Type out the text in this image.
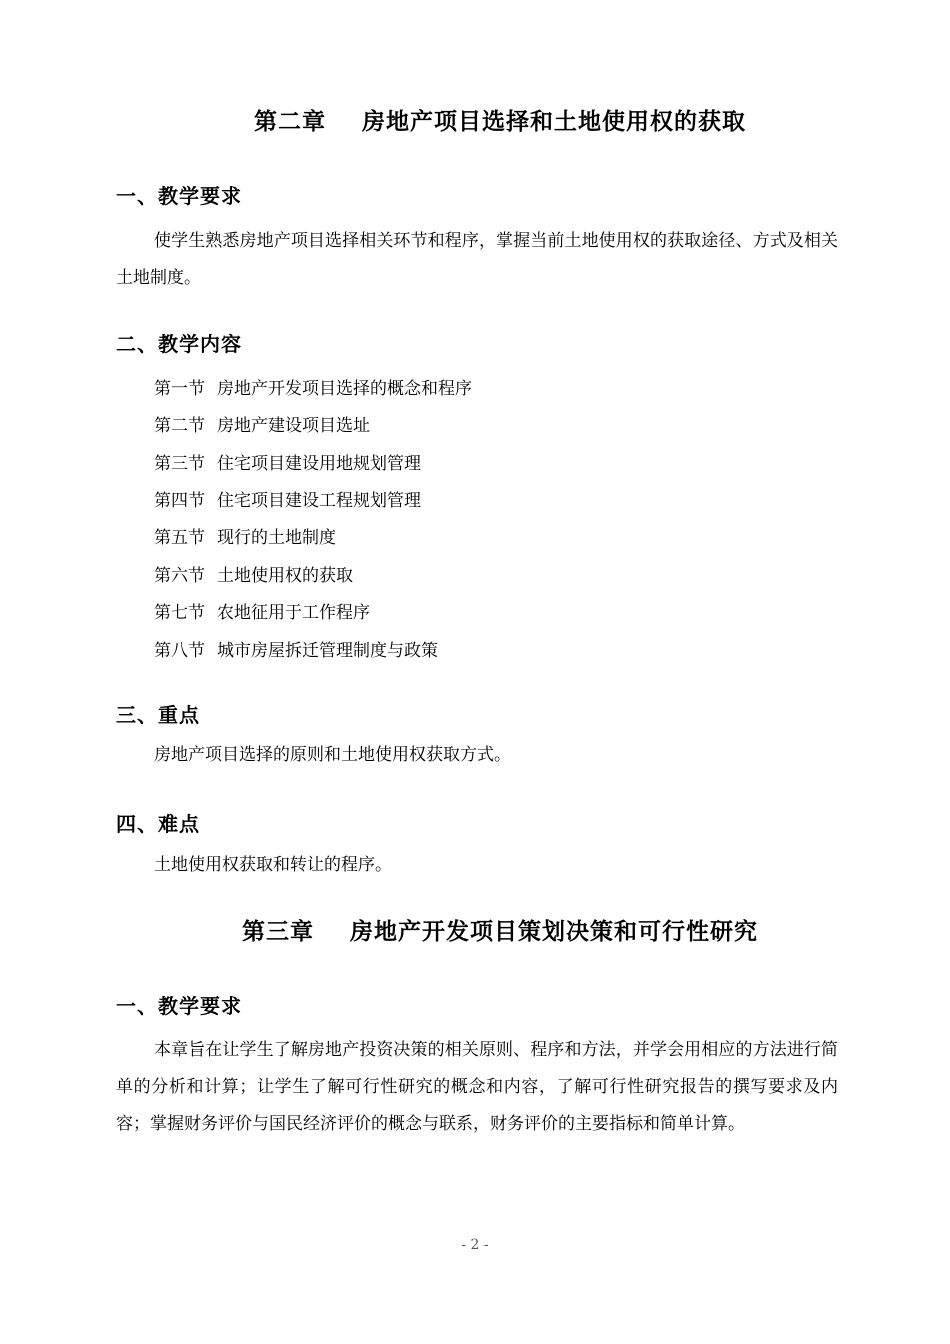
第二章 房地产项目选择和土地使用权的获取
一、教学要求
使学生熟悉房地产项目选择相关环节和程序，掌握当前土地使用权的获取途径、方式及相关土地制度。
二、教学内容
第一节 房地产开发项目选择的概念和程序
第二节 房地产建设项目选址
第三节 住宅项目建设用地规划管理
第四节 住宅项目建设工程规划管理
第五节 现行的土地制度
第六节 土地使用权的获取
第七节 农地征用于工作程序
第八节 城市房屋拆迁管理制度与政策
三、重点
房地产项目选择的原则和土地使用权获取方式。
四、难点
土地使用权获取和转让的程序。
第三章 房地产开发项目策划决策和可行性研究
一、教学要求
本章旨在让学生了解房地产投资决策的相关原则、程序和方法，并学会用相应的方法进行简单的分析和计算；让学生了解可行性研究的概念和内容，了解可行性研究报告的撰写要求及内容；掌握财务评价与国民经济评价的概念与联系，财务评价的主要指标和简单计算。
- 2 -
